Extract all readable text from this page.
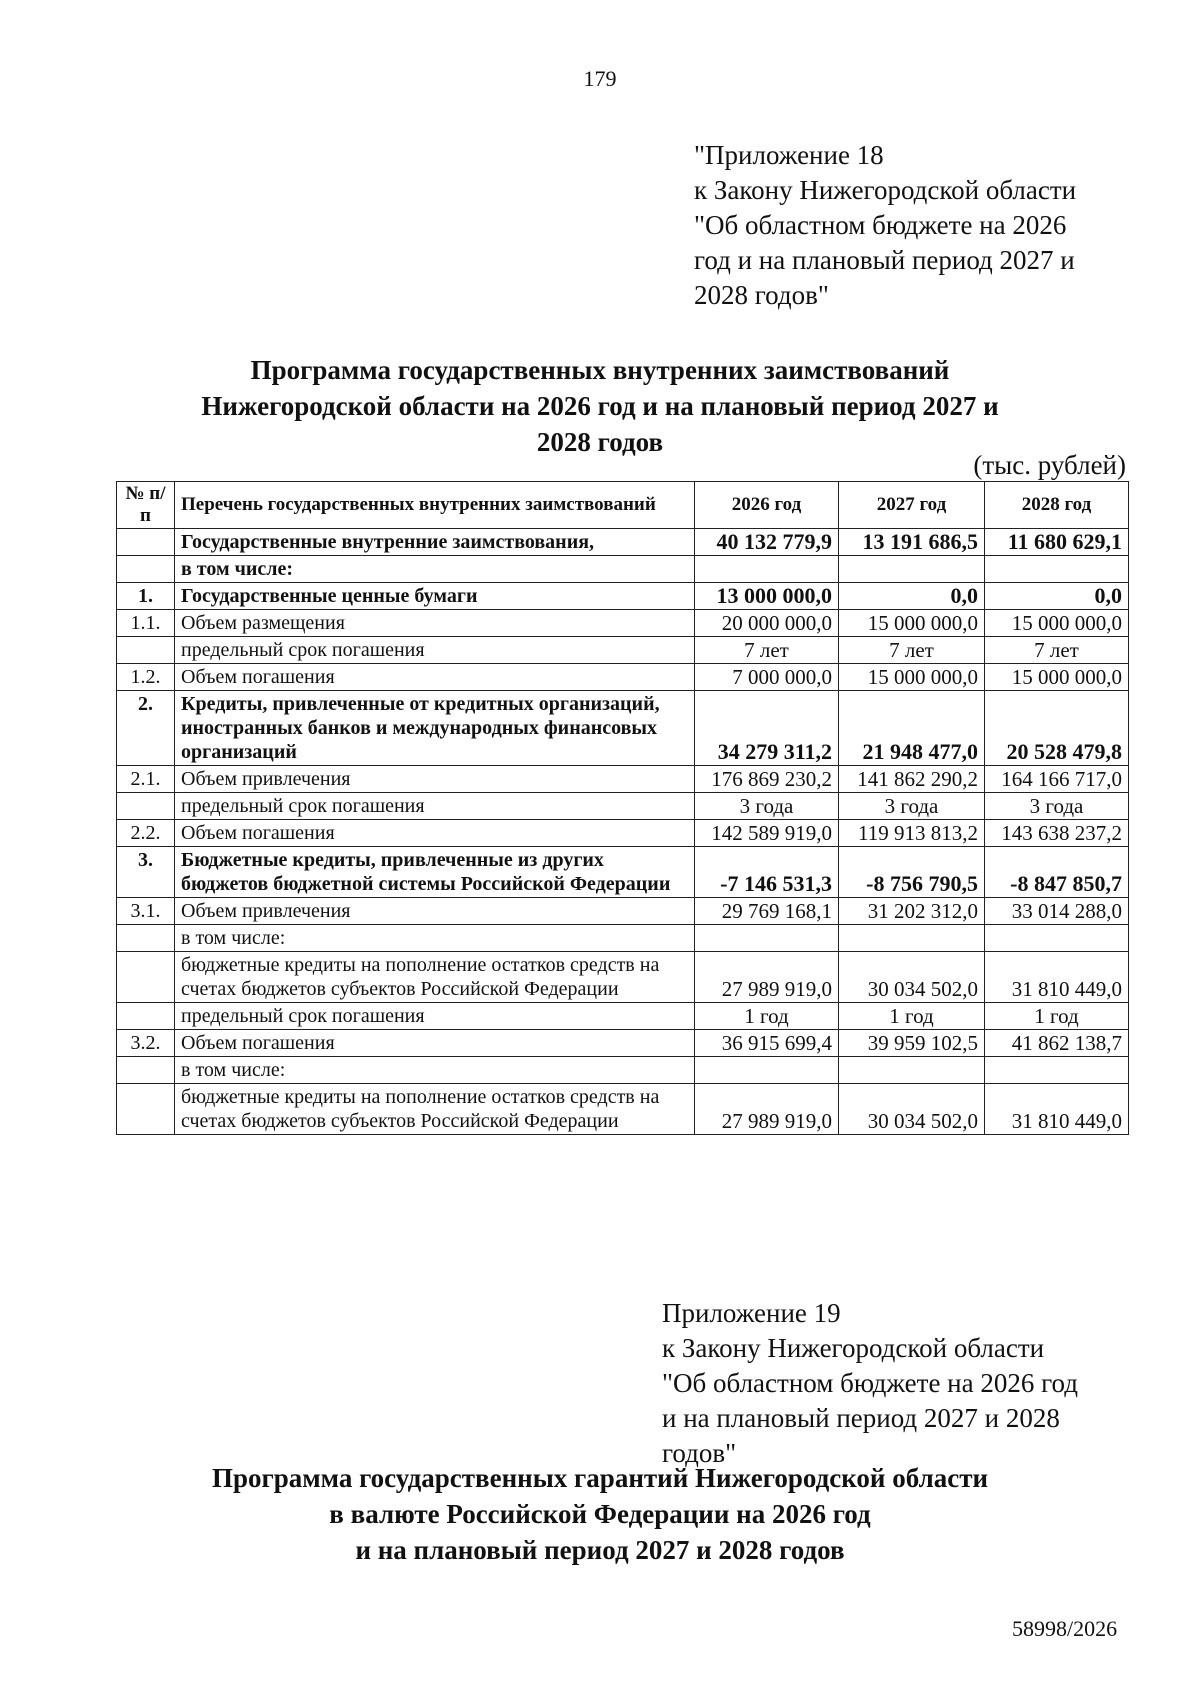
179
"Приложение 18
к Закону Нижегородской области
"Об областном бюджете на 2026
год и на плановый период 2027 и
2028 годов"
Программа государственных внутренних заимствований
Нижегородской области на 2026 год и на плановый период 2027 и
2028 годов
(тыс. рублей)
№ п/п	Перечень государственных внутренних заимствований	2026 год	2027 год	2028 год
	Государственные внутренние заимствования,	40 132 779,9	13 191 686,5	11 680 629,1
	в том числе:			
1.	Государственные ценные бумаги	13 000 000,0	0,0	0,0
1.1.	Объем размещения	20 000 000,0	15 000 000,0	15 000 000,0
	предельный срок погашения	7 лет	7 лет	7 лет
1.2.	Объем погашения	7 000 000,0	15 000 000,0	15 000 000,0
2.	Кредиты, привлеченные от кредитных организаций, иностранных банков и международных финансовых организаций	34 279 311,2	21 948 477,0	20 528 479,8
2.1.	Объем привлечения	176 869 230,2	141 862 290,2	164 166 717,0
	предельный срок погашения	3 года	3 года	3 года
2.2.	Объем погашения	142 589 919,0	119 913 813,2	143 638 237,2
3.	Бюджетные кредиты, привлеченные из других бюджетов бюджетной системы Российской Федерации	-7 146 531,3	-8 756 790,5	-8 847 850,7
3.1.	Объем привлечения	29 769 168,1	31 202 312,0	33 014 288,0
	в том числе:			
	бюджетные кредиты на пополнение остатков средств на счетах бюджетов субъектов Российской Федерации	27 989 919,0	30 034 502,0	31 810 449,0
	предельный срок погашения	1 год	1 год	1 год
3.2.	Объем погашения	36 915 699,4	39 959 102,5	41 862 138,7
	в том числе:			
	бюджетные кредиты на пополнение остатков средств на счетах бюджетов субъектов Российской Федерации	27 989 919,0	30 034 502,0	31 810 449,0
Приложение 19
к Закону Нижегородской области
"Об областном бюджете на 2026 год
и на плановый период 2027 и 2028
годов"
Программа государственных гарантий Нижегородской области
в валюте Российской Федерации на 2026 год
и на плановый период 2027 и 2028 годов
58998/2026
